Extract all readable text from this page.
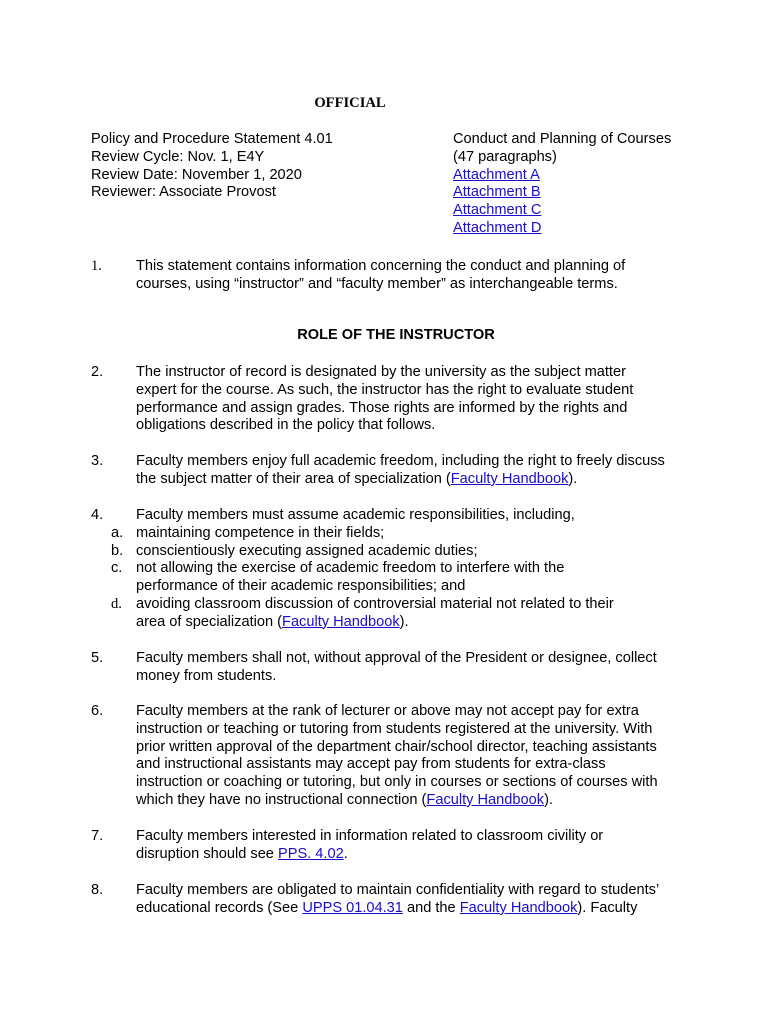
OFFICIAL
Policy and Procedure Statement 4.01
Review Cycle: Nov. 1, E4Y
Review Date: November 1, 2020
Reviewer: Associate Provost
Conduct and Planning of Courses
(47 paragraphs)
Attachment A
Attachment B
Attachment C
Attachment D
1. This statement contains information concerning the conduct and planning of courses, using “instructor” and “faculty member” as interchangeable terms.
ROLE OF THE INSTRUCTOR
2. The instructor of record is designated by the university as the subject matter expert for the course. As such, the instructor has the right to evaluate student performance and assign grades. Those rights are informed by the rights and obligations described in the policy that follows.
3. Faculty members enjoy full academic freedom, including the right to freely discuss the subject matter of their area of specialization (Faculty Handbook).
4. Faculty members must assume academic responsibilities, including,
a. maintaining competence in their fields;
b. conscientiously executing assigned academic duties;
c. not allowing the exercise of academic freedom to interfere with the performance of their academic responsibilities; and
d. avoiding classroom discussion of controversial material not related to their area of specialization (Faculty Handbook).
5. Faculty members shall not, without approval of the President or designee, collect money from students.
6. Faculty members at the rank of lecturer or above may not accept pay for extra instruction or teaching or tutoring from students registered at the university. With prior written approval of the department chair/school director, teaching assistants and instructional assistants may accept pay from students for extra-class instruction or coaching or tutoring, but only in courses or sections of courses with which they have no instructional connection (Faculty Handbook).
7. Faculty members interested in information related to classroom civility or disruption should see PPS. 4.02.
8. Faculty members are obligated to maintain confidentiality with regard to students’ educational records (See UPPS 01.04.31 and the Faculty Handbook). Faculty
